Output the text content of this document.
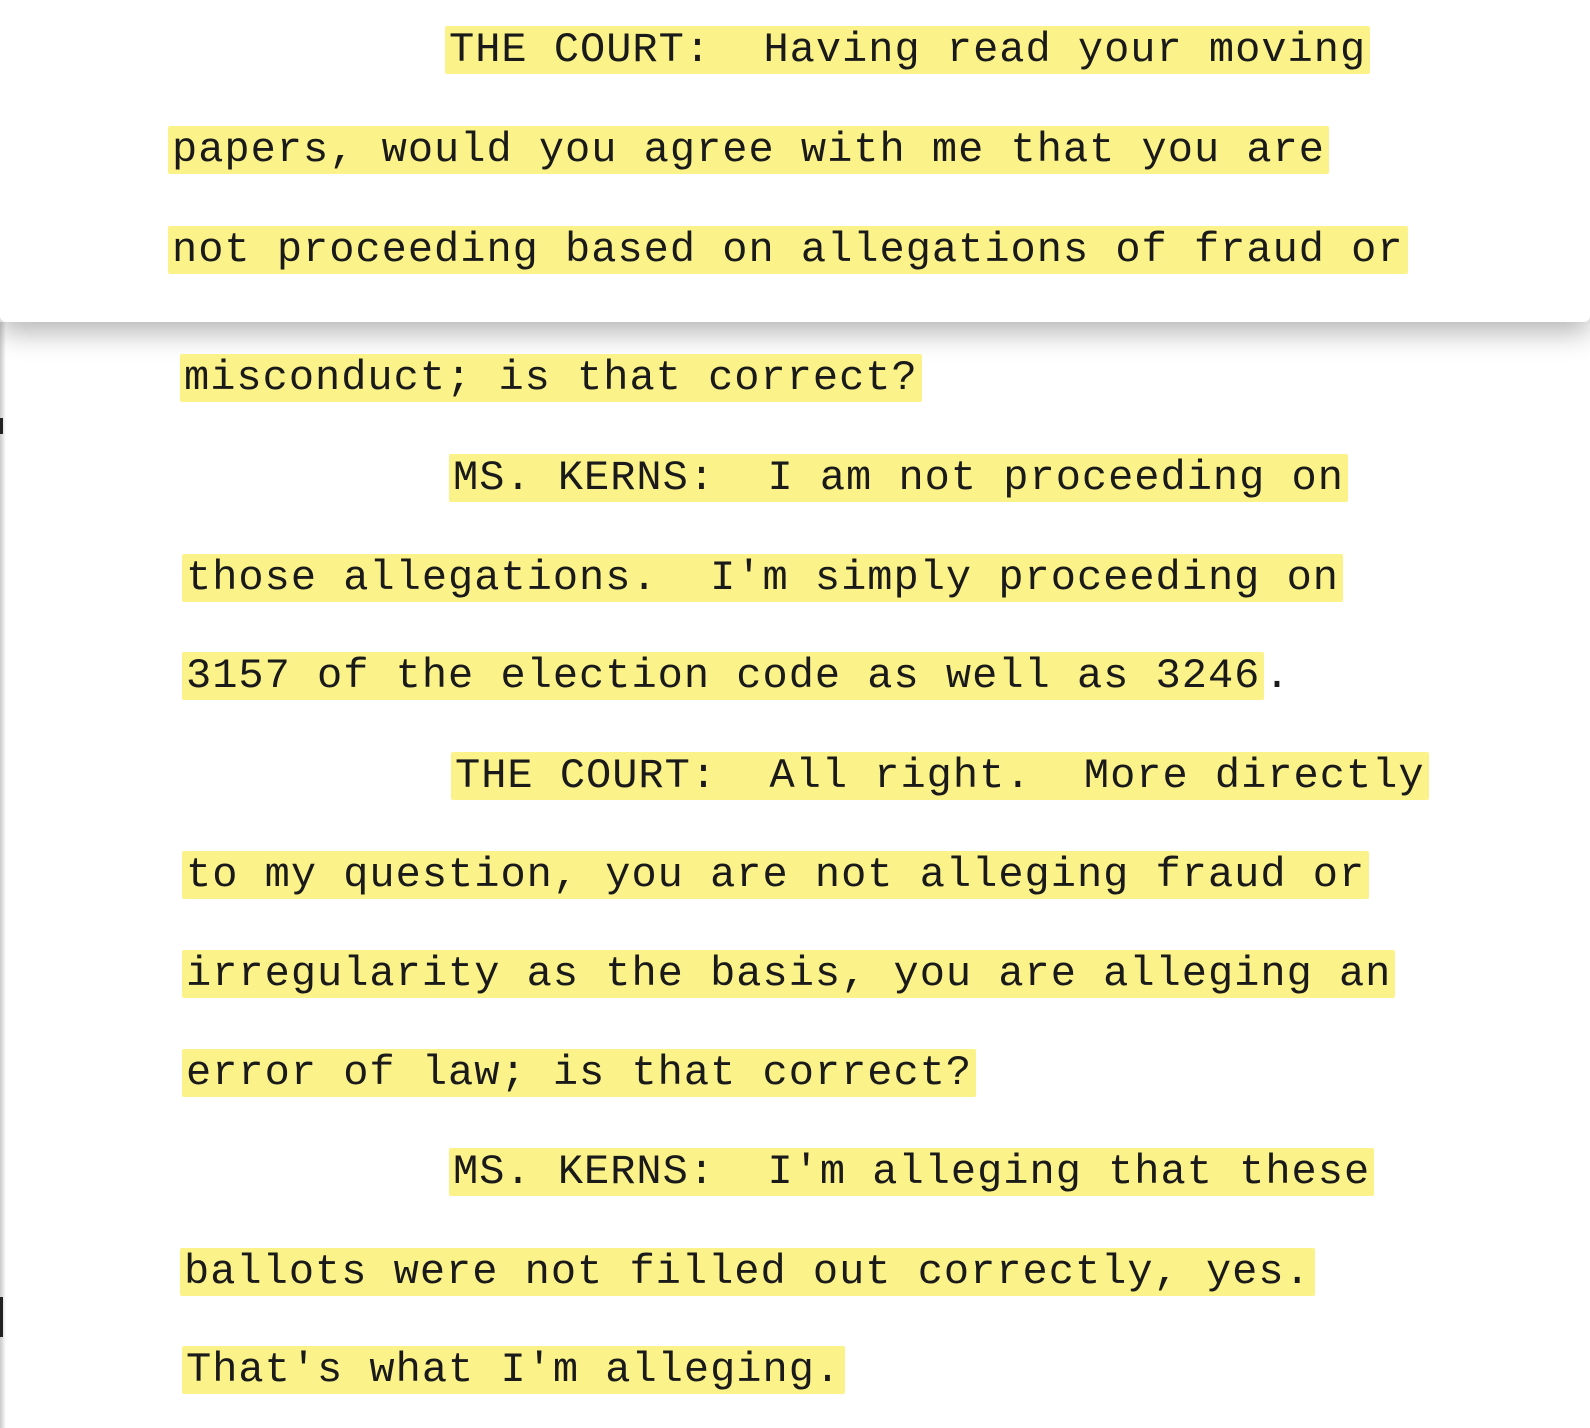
THE COURT:  Having read your moving

papers, would you agree with me that you are

not proceeding based on allegations of fraud or

misconduct; is that correct?

MS. KERNS:  I am not proceeding on

those allegations.  I'm simply proceeding on

3157 of the election code as well as 3246.

THE COURT:  All right.  More directly

to my question, you are not alleging fraud or

irregularity as the basis, you are alleging an

error of law; is that correct?

MS. KERNS:  I'm alleging that these

ballots were not filled out correctly, yes.

That's what I'm alleging.
